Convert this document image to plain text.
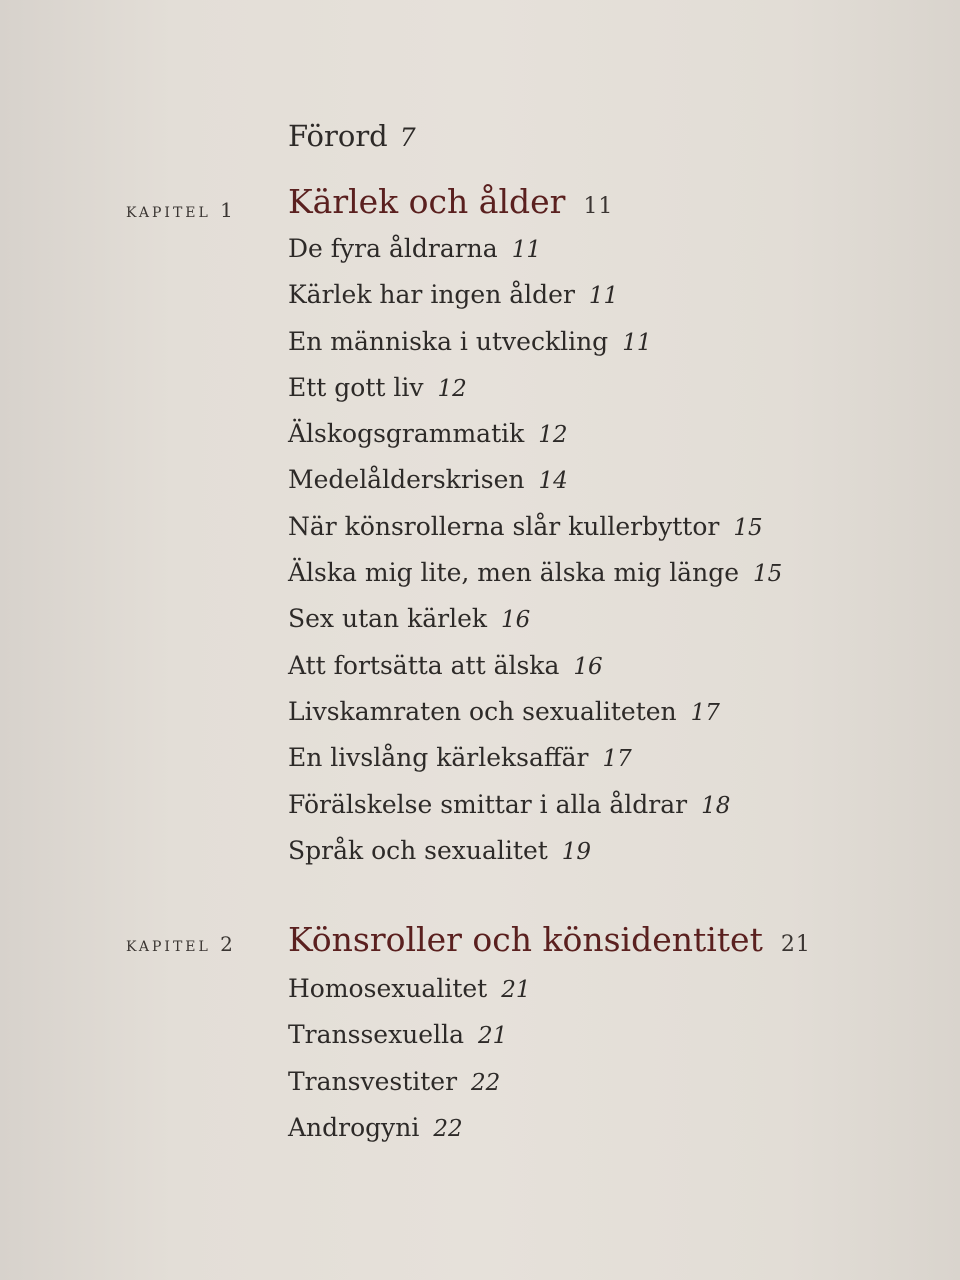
Förord 7
kapitel 1 Kärlek och ålder 11
De fyra åldrarna 11
Kärlek har ingen ålder 11
En människa i utveckling 11
Ett gott liv 12
Älskogsgrammatik 12
Medelålderskrisen 14
När könsrollerna slår kullerbyttor 15
Älska mig lite, men älska mig länge 15
Sex utan kärlek 16
Att fortsätta att älska 16
Livskamraten och sexualiteten 17
En livslång kärleksaffär 17
Förälskelse smittar i alla åldrar 18
Språk och sexualitet 19
kapitel 2 Könsroller och könsidentitet 21
Homosexualitet 21
Transsexuella 21
Transvestiter 22
Androgyni 22
